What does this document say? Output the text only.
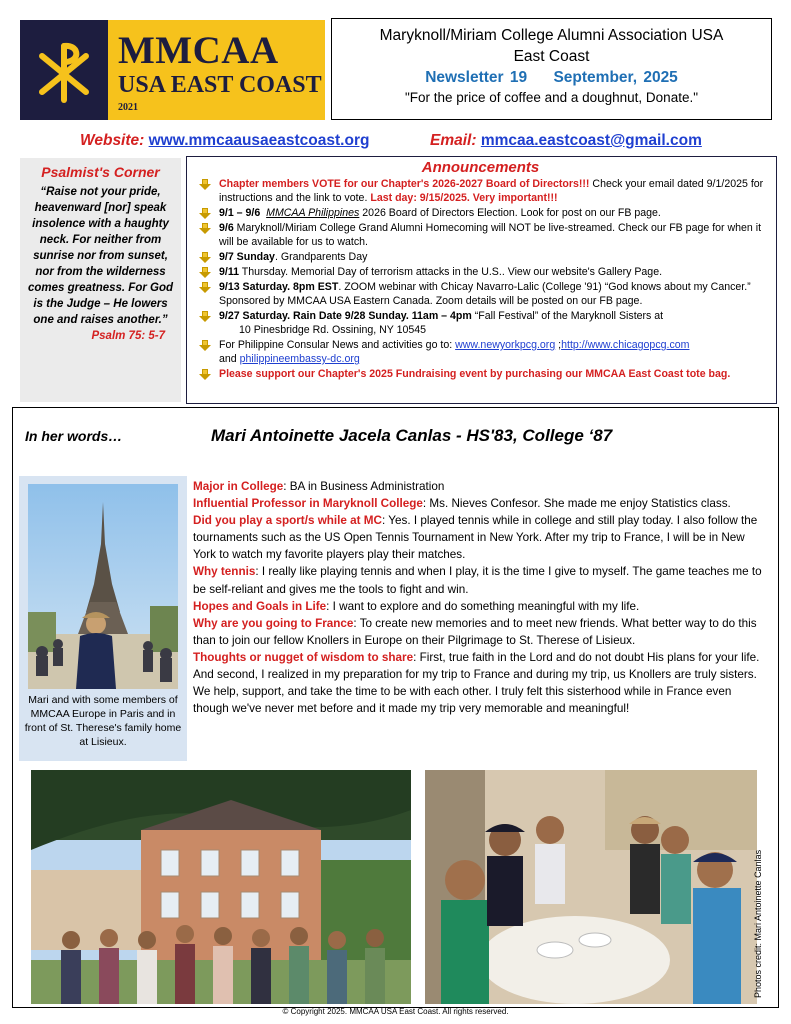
MMCAA
USA EAST COAST
2021
Maryknoll/Miriam College Alumni Association USA
East Coast
Newsletter 19 September, 2025
"For the price of coffee and a doughnut, Donate."
Website: www.mmcaausaeastcoast.org	Email: mmcaa.eastcoast@gmail.com
Psalmist's Corner
“Raise not your pride, heavenward [nor] speak insolence with a haughty neck. For neither from sunrise nor from sunset, nor from the wilderness comes greatness. For God is the Judge – He lowers one and raises another.”
Psalm 75: 5-7
Announcements
Chapter members VOTE for our Chapter's 2026-2027 Board of Directors!!! Check your email dated 9/1/2025 for instructions and the link to vote. Last day: 9/15/2025. Very important!!!
9/1 – 9/6 MMCAA Philippines 2026 Board of Directors Election. Look for post on our FB page.
9/6 Maryknoll/Miriam College Grand Alumni Homecoming will NOT be live-streamed. Check our FB page for when it will be available for us to watch.
9/7 Sunday. Grandparents Day
9/11 Thursday. Memorial Day of terrorism attacks in the U.S.. View our website's Gallery Page.
9/13 Saturday. 8pm EST. ZOOM webinar with Chicay Navarro-Lalic (College '91) “God knows about my Cancer.” Sponsored by MMCAA USA Eastern Canada. Zoom details will be posted on our FB page.
9/27 Saturday. Rain Date 9/28 Sunday. 11am – 4pm “Fall Festival” of the Maryknoll Sisters at
10 Pinesbridge Rd. Ossining, NY 10545
For Philippine Consular News and activities go to: www.newyorkpcg.org ;http://www.chicagopcg.com
and philippineembassy-dc.org
Please support our Chapter's 2025 Fundraising event by purchasing our MMCAA East Coast tote bag.
In her words…	Mari Antoinette Jacela Canlas - HS'83, College ‘87
Mari and with some members of MMCAA Europe in Paris and in front of St. Therese's family home at Lisieux.

Major in College: BA in Business Administration

Influential Professor in Maryknoll College: Ms. Nieves Confesor. She made me enjoy Statistics class.

Did you play a sport/s while at MC: Yes. I played tennis while in college and still play today. I also follow the tournaments such as the US Open Tennis Tournament in New York. After my trip to France, I will be in New York to watch my favorite players play their matches.

Why tennis: I really like playing tennis and when I play, it is the time I give to myself. The game teaches me to be self-reliant and gives me the tools to fight and win.

Hopes and Goals in Life: I want to explore and do something meaningful with my life.

Why are you going to France: To create new memories and to meet new friends. What better way to do this than to join our fellow Knollers in Europe on their Pilgrimage to St. Therese of Lisieux.

Thoughts or nugget of wisdom to share: First, true faith in the Lord and do not doubt His plans for your life. And second, I realized in my preparation for my trip to France and during my trip, us Knollers are truly sisters. We help, support, and take the time to be with each other. I truly felt this sisterhood while in France even though we've never met before and it made my trip very memorable and meaningful!

Photos credit: Mari Antoinette Canlas
© Copyright 2025. MMCAA USA East Coast. All rights reserved.
